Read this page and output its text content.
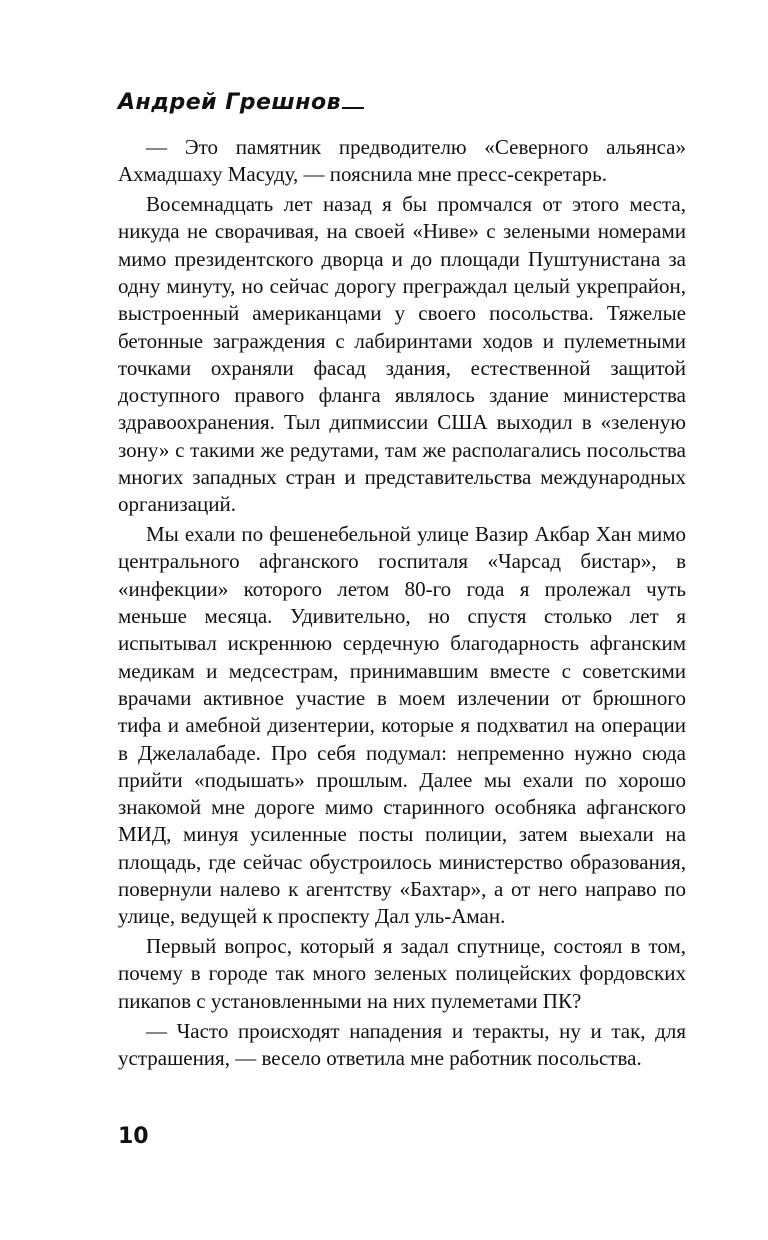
Андрей Грешнов

— Это памятник предводителю «Северного альянса» Ахмадшаху Масуду, — пояснила мне пресс-секретарь.

Восемнадцать лет назад я бы промчался от этого места, никуда не сворачивая, на своей «Ниве» с зелеными номерами мимо президентского дворца и до площади Пуштунистана за одну минуту, но сейчас дорогу преграждал целый укрепрайон, выстроенный американцами у своего посольства. Тяжелые бетонные заграждения с лабиринтами ходов и пулеметными точками охраняли фасад здания, естественной защитой доступного правого фланга являлось здание министерства здравоохранения. Тыл дипмиссии США выходил в «зеленую зону» с такими же редутами, там же располагались посольства многих западных стран и представительства международных организаций.

Мы ехали по фешенебельной улице Вазир Акбар Хан мимо центрального афганского госпиталя «Чарсад бистар», в «инфекции» которого летом 80-го года я пролежал чуть меньше месяца. Удивительно, но спустя столько лет я испытывал искреннюю сердечную благодарность афганским медикам и медсестрам, принимавшим вместе с советскими врачами активное участие в моем излечении от брюшного тифа и амебной дизентерии, которые я подхватил на операции в Джелалабаде. Про себя подумал: непременно нужно сюда прийти «подышать» прошлым. Далее мы ехали по хорошо знакомой мне дороге мимо старинного особняка афганского МИД, минуя усиленные посты полиции, затем выехали на площадь, где сейчас обустроилось министерство образования, повернули налево к агентству «Бахтар», а от него направо по улице, ведущей к проспекту Дал уль-Аман.

Первый вопрос, который я задал спутнице, состоял в том, почему в городе так много зеленых полицейских фордовских пикапов с установленными на них пулеметами ПК?

— Часто происходят нападения и теракты, ну и так, для устрашения, — весело ответила мне работник посольства.

10
